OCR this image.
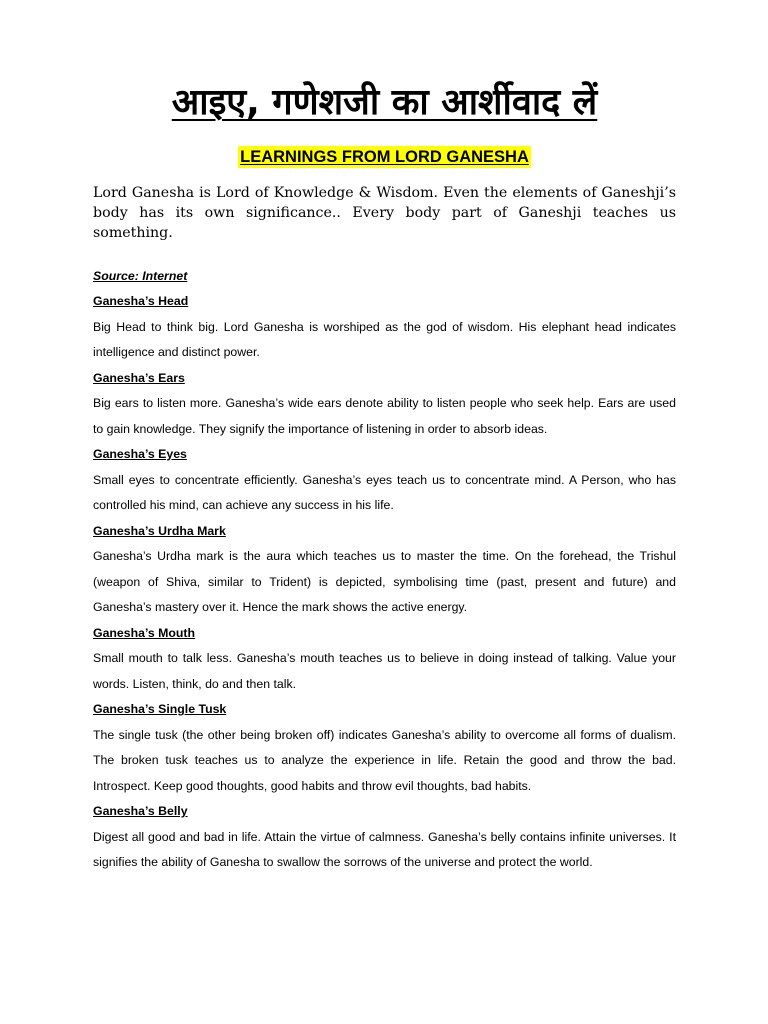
आइए, गणेशजी का आर्शीवाद लें
LEARNINGS FROM LORD GANESHA

Lord Ganesha is Lord of Knowledge & Wisdom. Even the elements of Ganeshji’s body has its own significance.. Every body part of Ganeshji teaches us something.

Source: Internet
Ganesha’s Head
Big Head to think big. Lord Ganesha is worshiped as the god of wisdom. His elephant head indicates intelligence and distinct power.
Ganesha’s Ears
Big ears to listen more. Ganesha’s wide ears denote ability to listen people who seek help. Ears are used to gain knowledge. They signify the importance of listening in order to absorb ideas.
Ganesha’s Eyes
Small eyes to concentrate efficiently. Ganesha’s eyes teach us to concentrate mind. A Person, who has controlled his mind, can achieve any success in his life.
Ganesha’s Urdha Mark
Ganesha’s Urdha mark is the aura which teaches us to master the time. On the forehead, the Trishul (weapon of Shiva, similar to Trident) is depicted, symbolising time (past, present and future) and Ganesha’s mastery over it. Hence the mark shows the active energy.
Ganesha’s Mouth
Small mouth to talk less. Ganesha’s mouth teaches us to believe in doing instead of talking. Value your words. Listen, think, do and then talk.
Ganesha’s Single Tusk
The single tusk (the other being broken off) indicates Ganesha’s ability to overcome all forms of dualism. The broken tusk teaches us to analyze the experience in life. Retain the good and throw the bad. Introspect. Keep good thoughts, good habits and throw evil thoughts, bad habits.
Ganesha’s Belly
Digest all good and bad in life. Attain the virtue of calmness. Ganesha’s belly contains infinite universes. It signifies the ability of Ganesha to swallow the sorrows of the universe and protect the world.
